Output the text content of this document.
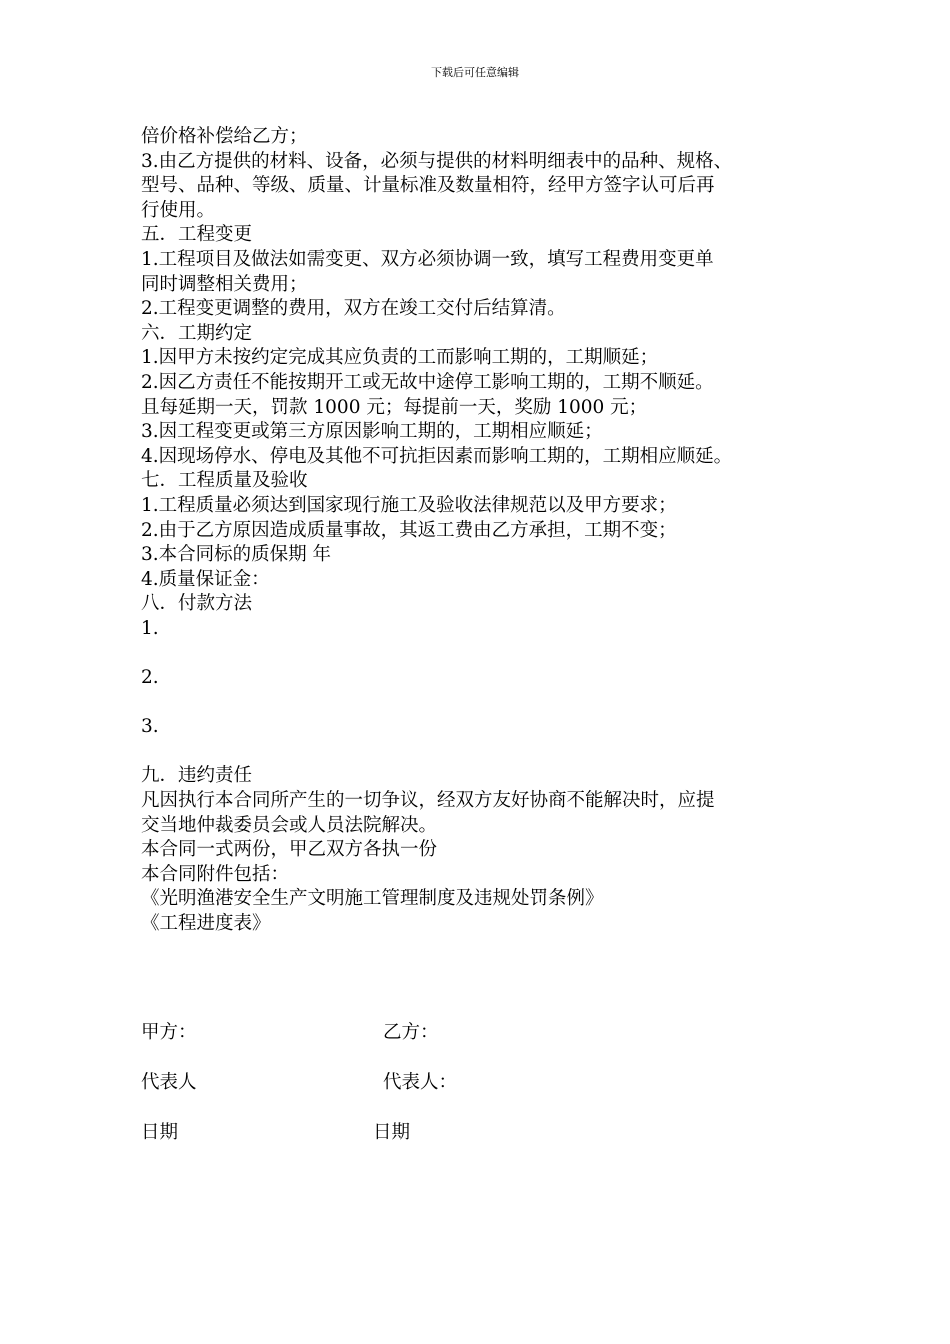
下载后可任意编辑
倍价格补偿给乙方；
3.由乙方提供的材料、设备，必须与提供的材料明细表中的品种、规格、
型号、品种、等级、质量、计量标准及数量相符，经甲方签字认可后再
行使用。
五．工程变更
1.工程项目及做法如需变更、双方必须协调一致，填写工程费用变更单
同时调整相关费用；
2.工程变更调整的费用，双方在竣工交付后结算清。
六．工期约定
1.因甲方未按约定完成其应负责的工而影响工期的，工期顺延；
2.因乙方责任不能按期开工或无故中途停工影响工期的，工期不顺延。
且每延期一天，罚款 1000 元；每提前一天，奖励 1000 元；
3.因工程变更或第三方原因影响工期的，工期相应顺延；
4.因现场停水、停电及其他不可抗拒因素而影响工期的，工期相应顺延。
七．工程质量及验收
1.工程质量必须达到国家现行施工及验收法律规范以及甲方要求；
2.由于乙方原因造成质量事故，其返工费由乙方承担，工期不变；
3.本合同标的质保期 年
4.质量保证金：
八．付款方法
1.
2.
3.
九．违约责任
凡因执行本合同所产生的一切争议，经双方友好协商不能解决时，应提
交当地仲裁委员会或人员法院解决。
本合同一式两份，甲乙双方各执一份
本合同附件包括：
《光明渔港安全生产文明施工管理制度及违规处罚条例》
《工程进度表》
甲方：	乙方：
代表人	代表人：
日期	日期
